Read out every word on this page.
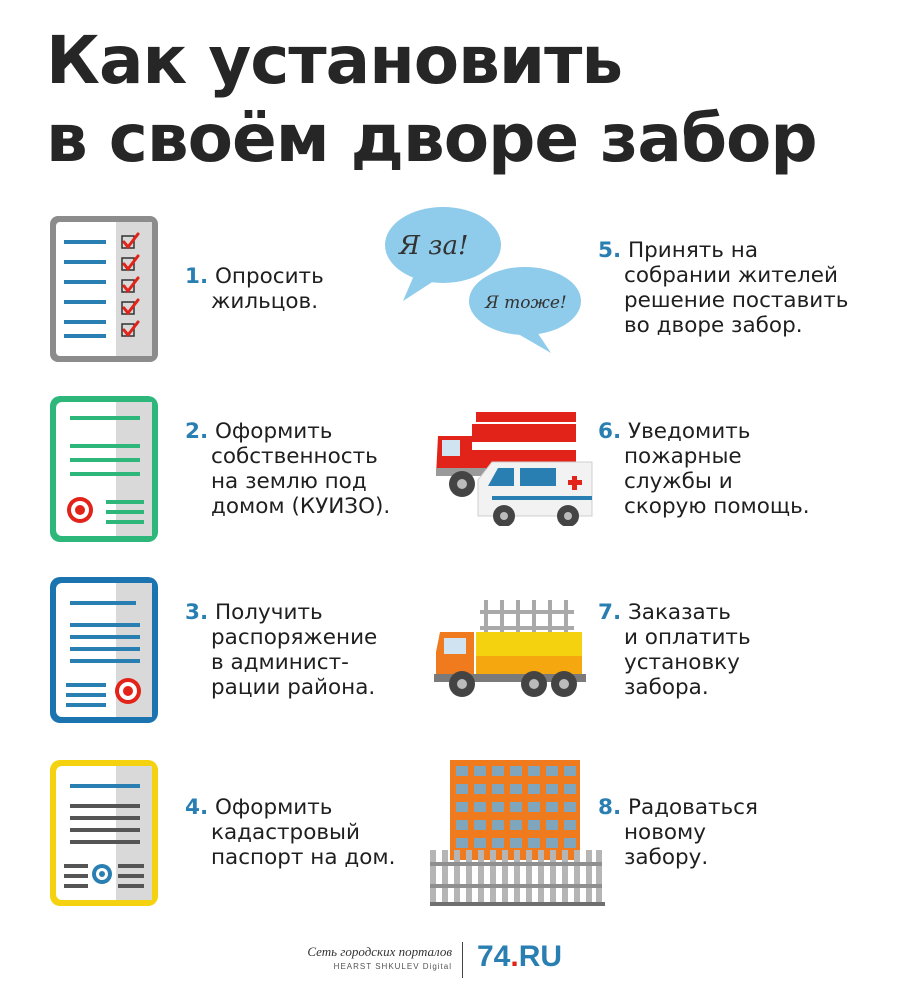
Как установить
в своём дворе забор
Я за!
Я тоже!
1. Опросить
жильцов.
2. Оформить
собственность
на землю под
домом (КУИЗО).
3. Получить
распоряжение
в админист-
рации района.
4. Оформить
кадастровый
паспорт на дом.
5. Принять на
собрании жителей
решение поставить
во дворе забор.
6. Уведомить
пожарные
службы и
скорую помощь.
7. Заказать
и оплатить
установку
забора.
8. Радоваться
новому
забору.
Сеть городских порталов
HEARST SHKULEV Digital 74.RU
